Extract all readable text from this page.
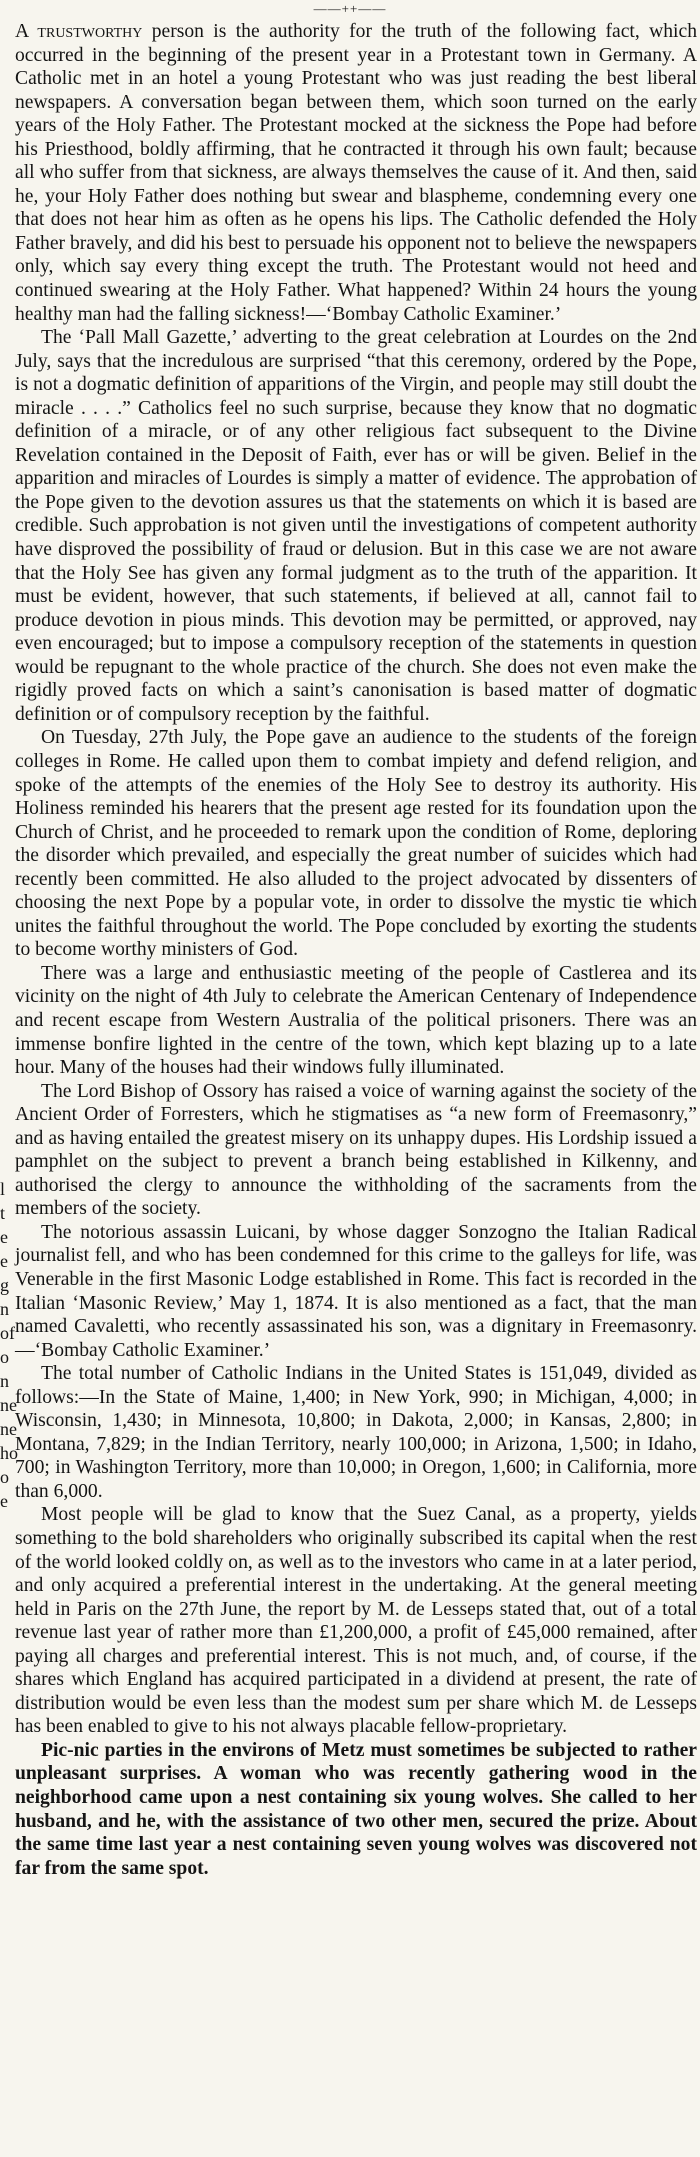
——++——
l
t
e
e
g
n
of
o
n
ne
ne
ho
o
e

A trustworthy person is the authority for the truth of the following fact, which occurred in the beginning of the present year in a Protestant town in Germany. A Catholic met in an hotel a young Protestant who was just reading the best liberal newspapers. A conversation began between them, which soon turned on the early years of the Holy Father. The Protestant mocked at the sickness the Pope had before his Priesthood, boldly affirming, that he contracted it through his own fault; because all who suffer from that sickness, are always themselves the cause of it. And then, said he, your Holy Father does nothing but swear and blaspheme, condemning every one that does not hear him as often as he opens his lips. The Catholic defended the Holy Father bravely, and did his best to persuade his opponent not to believe the newspapers only, which say every thing except the truth. The Protestant would not heed and continued swearing at the Holy Father. What happened? Within 24 hours the young healthy man had the falling sickness!—‘Bombay Catholic Examiner.’

The ‘Pall Mall Gazette,’ adverting to the great celebration at Lourdes on the 2nd July, says that the incredulous are surprised “that this ceremony, ordered by the Pope, is not a dogmatic definition of apparitions of the Virgin, and people may still doubt the miracle . . . .” Catholics feel no such surprise, because they know that no dogmatic definition of a miracle, or of any other religious fact subsequent to the Divine Revelation contained in the Deposit of Faith, ever has or will be given. Belief in the apparition and miracles of Lourdes is simply a matter of evidence. The approbation of the Pope given to the devotion assures us that the statements on which it is based are credible. Such approbation is not given until the investigations of competent authority have disproved the possibility of fraud or delusion. But in this case we are not aware that the Holy See has given any formal judgment as to the truth of the apparition. It must be evident, however, that such statements, if believed at all, cannot fail to produce devotion in pious minds. This devotion may be permitted, or approved, nay even encouraged; but to impose a compulsory reception of the statements in question would be repugnant to the whole practice of the church. She does not even make the rigidly proved facts on which a saint’s canonisation is based matter of dogmatic definition or of compulsory reception by the faithful.

On Tuesday, 27th July, the Pope gave an audience to the students of the foreign colleges in Rome. He called upon them to combat impiety and defend religion, and spoke of the attempts of the enemies of the Holy See to destroy its authority. His Holiness reminded his hearers that the present age rested for its foundation upon the Church of Christ, and he proceeded to remark upon the condition of Rome, deploring the disorder which prevailed, and especially the great number of suicides which had recently been committed. He also alluded to the project advocated by dissenters of choosing the next Pope by a popular vote, in order to dissolve the mystic tie which unites the faithful throughout the world. The Pope concluded by exorting the students to become worthy ministers of God.

There was a large and enthusiastic meeting of the people of Castlerea and its vicinity on the night of 4th July to celebrate the American Centenary of Independence and recent escape from Western Australia of the political prisoners. There was an immense bonfire lighted in the centre of the town, which kept blazing up to a late hour. Many of the houses had their windows fully illuminated.

The Lord Bishop of Ossory has raised a voice of warning against the society of the Ancient Order of Forresters, which he stigmatises as “a new form of Freemasonry,” and as having entailed the greatest misery on its unhappy dupes. His Lordship issued a pamphlet on the subject to prevent a branch being established in Kilkenny, and authorised the clergy to announce the withholding of the sacraments from the members of the society.

The notorious assassin Luicani, by whose dagger Sonzogno the Italian Radical journalist fell, and who has been condemned for this crime to the galleys for life, was Venerable in the first Masonic Lodge established in Rome. This fact is recorded in the Italian ‘Masonic Review,’ May 1, 1874. It is also mentioned as a fact, that the man named Cavaletti, who recently assassinated his son, was a dignitary in Freemasonry.—‘Bombay Catholic Examiner.’

The total number of Catholic Indians in the United States is 151,049, divided as follows:—In the State of Maine, 1,400; in New York, 990; in Michigan, 4,000; in Wisconsin, 1,430; in Minnesota, 10,800; in Dakota, 2,000; in Kansas, 2,800; in Montana, 7,829; in the Indian Territory, nearly 100,000; in Arizona, 1,500; in Idaho, 700; in Washington Territory, more than 10,000; in Oregon, 1,600; in California, more than 6,000.

Most people will be glad to know that the Suez Canal, as a property, yields something to the bold shareholders who originally subscribed its capital when the rest of the world looked coldly on, as well as to the investors who came in at a later period, and only acquired a preferential interest in the undertaking. At the general meeting held in Paris on the 27th June, the report by M. de Lesseps stated that, out of a total revenue last year of rather more than £1,200,000, a profit of £45,000 remained, after paying all charges and preferential interest. This is not much, and, of course, if the shares which England has acquired participated in a dividend at present, the rate of distribution would be even less than the modest sum per share which M. de Lesseps has been enabled to give to his not always placable fellow-proprietary.

Pic-nic parties in the environs of Metz must sometimes be subjected to rather unpleasant surprises. A woman who was recently gathering wood in the neighborhood came upon a nest containing six young wolves. She called to her husband, and he, with the assistance of two other men, secured the prize. About the same time last year a nest containing seven young wolves was discovered not far from the same spot.
